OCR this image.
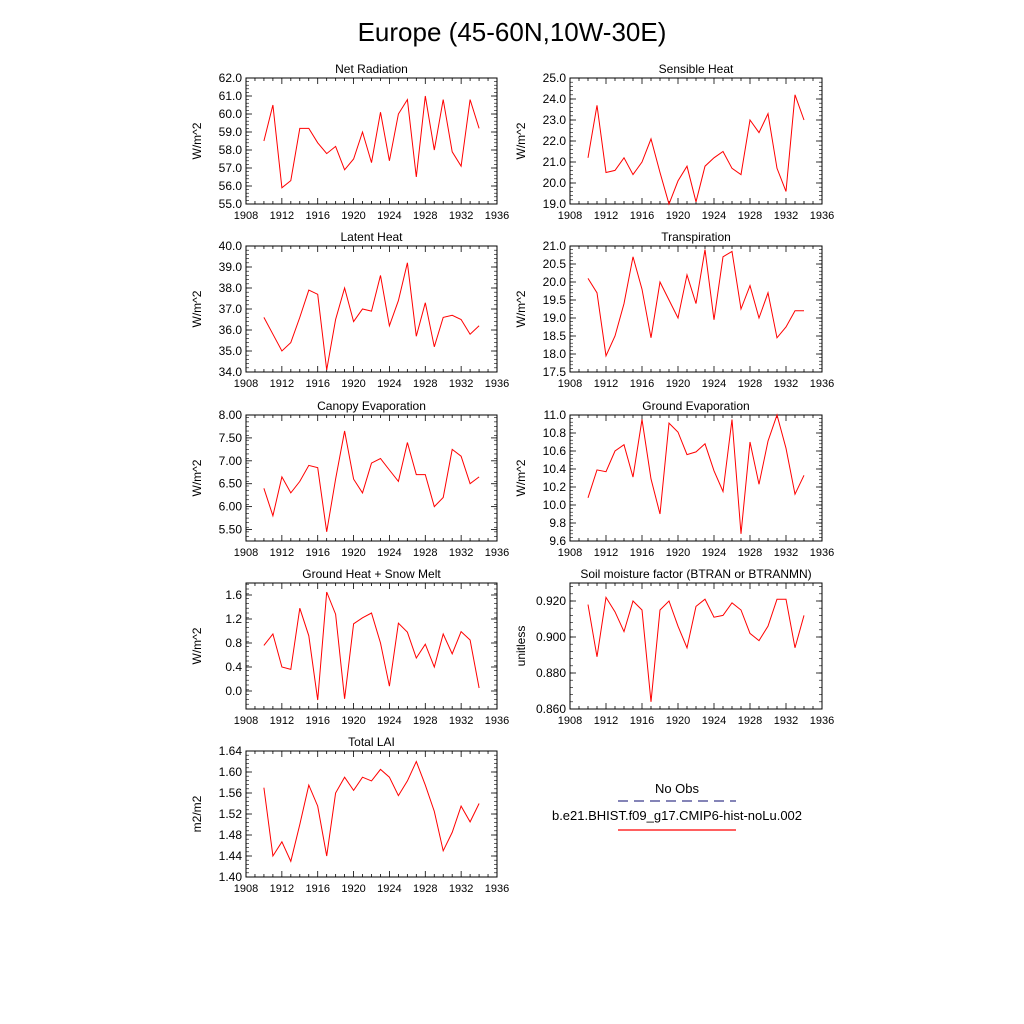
Europe (45-60N,10W-30E)
Net Radiation
W/m^2
1908 1912 1916 1920 1924 1928 1932 1936
55.0
56.0
57.0
58.0
59.0
60.0
61.0
62.0
Sensible Heat
W/m^2
1908 1912 1916 1920 1924 1928 1932 1936
19.0
20.0
21.0
22.0
23.0
24.0
25.0
Latent Heat
W/m^2
1908 1912 1916 1920 1924 1928 1932 1936
34.0
35.0
36.0
37.0
38.0
39.0
40.0
Transpiration
W/m^2
1908 1912 1916 1920 1924 1928 1932 1936
17.5
18.0
18.5
19.0
19.5
20.0
20.5
21.0
Canopy Evaporation
W/m^2
1908 1912 1916 1920 1924 1928 1932 1936
5.50
6.00
6.50
7.00
7.50
8.00
Ground Evaporation
W/m^2
1908 1912 1916 1920 1924 1928 1932 1936
9.6
9.8
10.0
10.2
10.4
10.6
10.8
11.0
Ground Heat + Snow Melt
W/m^2
1908 1912 1916 1920 1924 1928 1932 1936
0.0
0.4
0.8
1.2
1.6
Soil moisture factor (BTRAN or BTRANMN)
unitless
1908 1912 1916 1920 1924 1928 1932 1936
0.860
0.880
0.900
0.920
Total LAI
m2/m2
1908 1912 1916 1920 1924 1928 1932 1936
1.40
1.44
1.48
1.52
1.56
1.60
1.64
No Obs
b.e21.BHIST.f09_g17.CMIP6-hist-noLu.002
